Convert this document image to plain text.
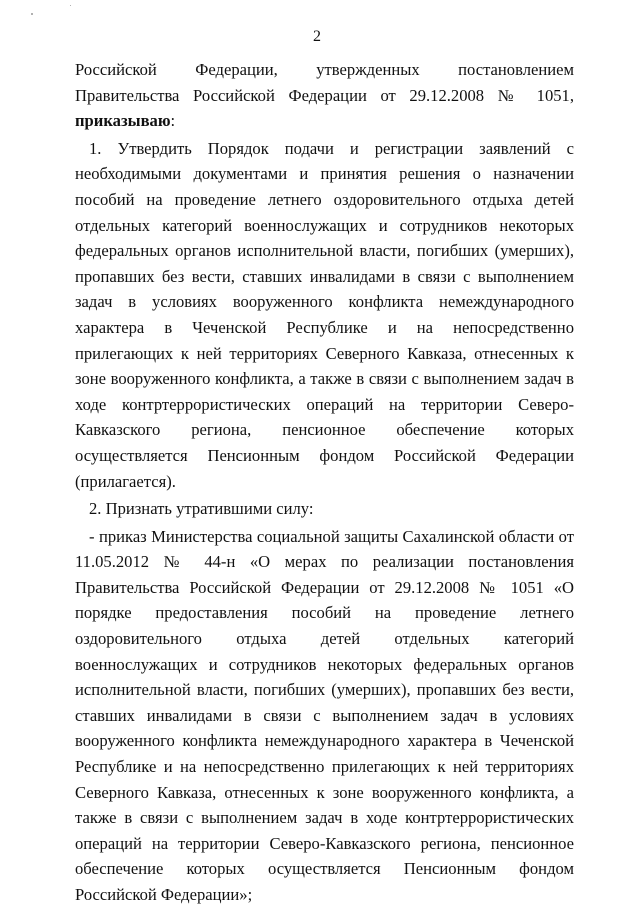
2

Российской Федерации, утвержденных постановлением Правительства Российской Федерации от 29.12.2008 № 1051, приказываю:

1. Утвердить Порядок подачи и регистрации заявлений с необходимыми документами и принятия решения о назначении пособий на проведение летнего оздоровительного отдыха детей отдельных категорий военнослужащих и сотрудников некоторых федеральных органов исполнительной власти, погибших (умерших), пропавших без вести, ставших инвалидами в связи с выполнением задач в условиях вооруженного конфликта немеждународного характера в Чеченской Республике и на непосредственно прилегающих к ней территориях Северного Кавказа, отнесенных к зоне вооруженного конфликта, а также в связи с выполнением задач в ходе контртеррористических операций на территории Северо-Кавказского региона, пенсионное обеспечение которых осуществляется Пенсионным фондом Российской Федерации (прилагается).

2. Признать утратившими силу:

- приказ Министерства социальной защиты Сахалинской области от 11.05.2012 № 44-н «О мерах по реализации постановления Правительства Российской Федерации от 29.12.2008 № 1051 «О порядке предоставления пособий на проведение летнего оздоровительного отдыха детей отдельных категорий военнослужащих и сотрудников некоторых федеральных органов исполнительной власти, погибших (умерших), пропавших без вести, ставших инвалидами в связи с выполнением задач в условиях вооруженного конфликта немеждународного характера в Чеченской Республике и на непосредственно прилегающих к ней территориях Северного Кавказа, отнесенных к зоне вооруженного конфликта, а также в связи с выполнением задач в ходе контртеррористических операций на территории Северо-Кавказского региона, пенсионное обеспечение которых осуществляется Пенсионным фондом Российской Федерации»;
